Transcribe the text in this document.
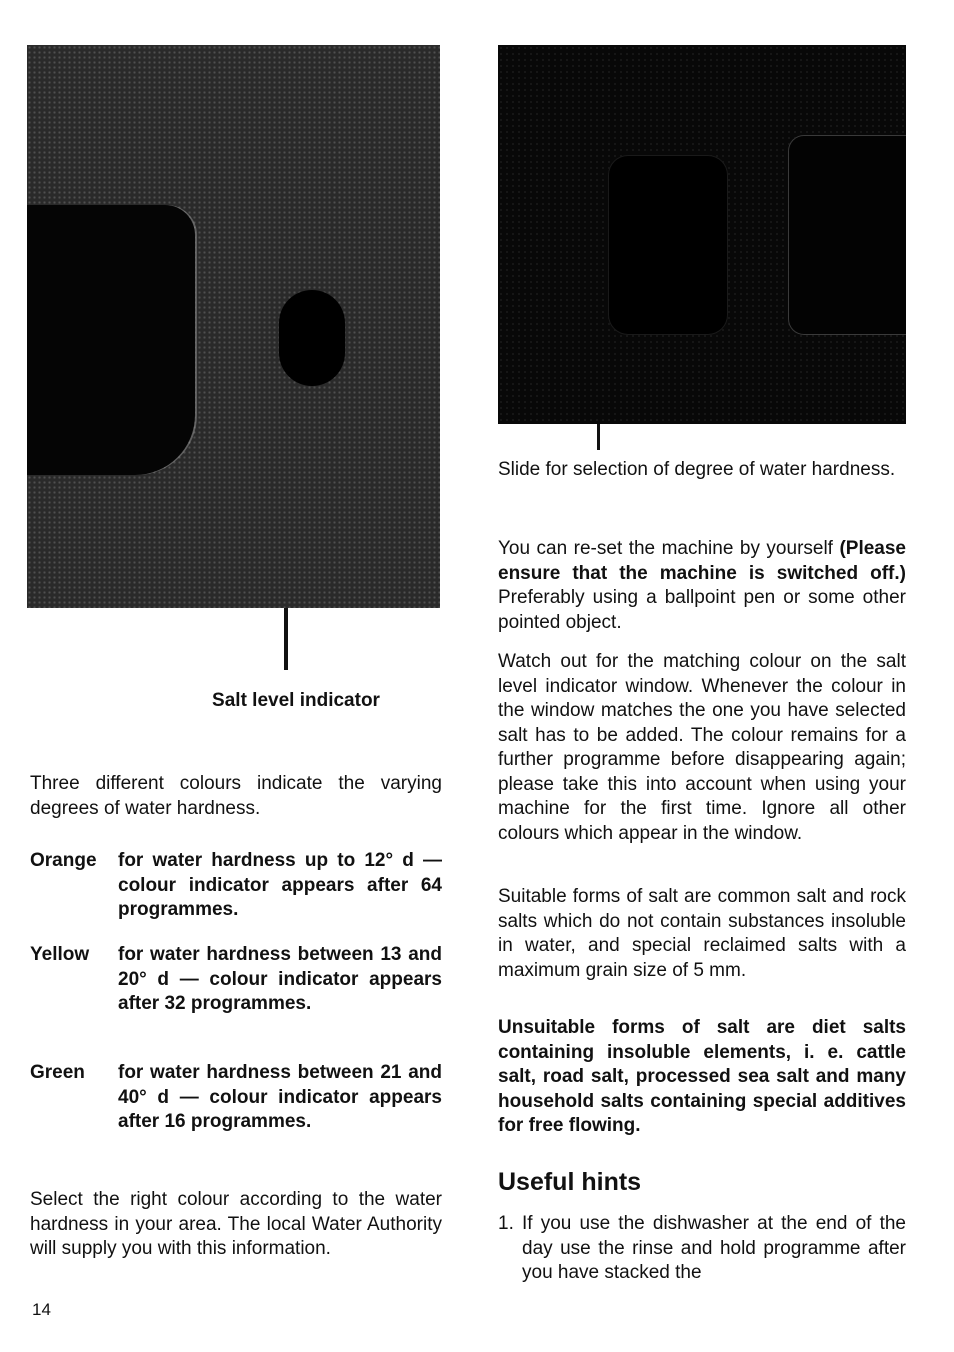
Salt level indicator

Three different colours indicate the varying degrees of water hardness.

Orange for water hardness up to 12° d — colour indicator appears after 64 programmes.

Yellow for water hardness between 13 and 20° d — colour indicator appears after 32 programmes.

Green for water hardness between 21 and 40° d — colour indicator appears after 16 programmes.

Select the right colour according to the water hardness in your area. The local Water Authority will supply you with this information.

14

Slide for selection of degree of water hardness.

You can re-set the machine by yourself (Please ensure that the machine is switched off.) Preferably using a ballpoint pen or some other pointed object.

Watch out for the matching colour on the salt level indicator window. Whenever the colour in the window matches the one you have selected salt has to be added. The colour remains for a further programme before disappearing again; please take this into account when using your machine for the first time. Ignore all other colours which appear in the window.

Suitable forms of salt are common salt and rock salts which do not contain substances insoluble in water, and special reclaimed salts with a maximum grain size of 5 mm.

Unsuitable forms of salt are diet salts containing insoluble elements, i. e. cattle salt, road salt, processed sea salt and many household salts containing special additives for free flowing.

Useful hints
1. If you use the dishwasher at the end of the day use the rinse and hold programme after you have stacked the
